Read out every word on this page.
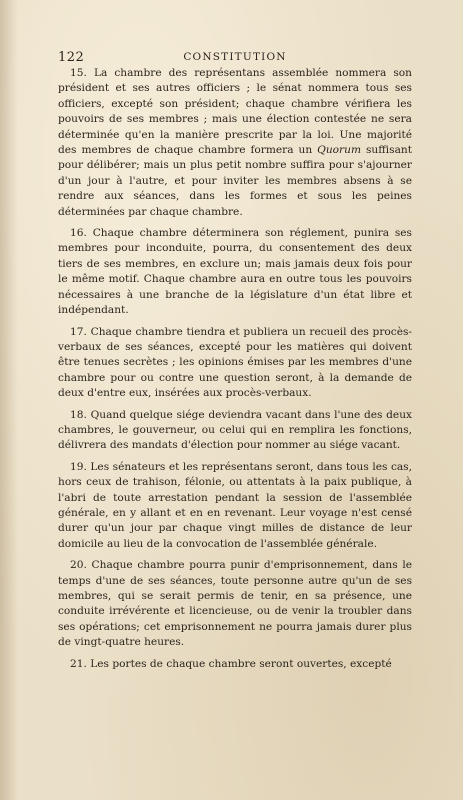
122	CONSTITUTION

15. La chambre des représentans assemblée nommera son président et ses autres officiers ; le sénat nommera tous ses officiers, excepté son président; chaque chambre vérifiera les pouvoirs de ses membres ; mais une élection contestée ne sera déterminée qu'en la manière prescrite par la loi. Une majorité des membres de chaque chambre formera un Quorum suffisant pour délibérer; mais un plus petit nombre suffira pour s'ajourner d'un jour à l'autre, et pour inviter les membres absens à se rendre aux séances, dans les formes et sous les peines déterminées par chaque chambre.

16. Chaque chambre déterminera son réglement, punira ses membres pour inconduite, pourra, du consentement des deux tiers de ses membres, en exclure un; mais jamais deux fois pour le même motif. Chaque chambre aura en outre tous les pouvoirs nécessaires à une branche de la législature d'un état libre et indépendant.

17. Chaque chambre tiendra et publiera un recueil des procès-verbaux de ses séances, excepté pour les matières qui doivent être tenues secrètes ; les opinions émises par les membres d'une chambre pour ou contre une question seront, à la demande de deux d'entre eux, insérées aux procès-verbaux.

18. Quand quelque siége deviendra vacant dans l'une des deux chambres, le gouverneur, ou celui qui en remplira les fonctions, délivrera des mandats d'élection pour nommer au siége vacant.

19. Les sénateurs et les représentans seront, dans tous les cas, hors ceux de trahison, félonie, ou attentats à la paix publique, à l'abri de toute arrestation pendant la session de l'assemblée générale, en y allant et en en revenant. Leur voyage n'est censé durer qu'un jour par chaque vingt milles de distance de leur domicile au lieu de la convocation de l'assemblée générale.

20. Chaque chambre pourra punir d'emprisonnement, dans le temps d'une de ses séances, toute personne autre qu'un de ses membres, qui se serait permis de tenir, en sa présence, une conduite irrévérente et licencieuse, ou de venir la troubler dans ses opérations; cet emprisonnement ne pourra jamais durer plus de vingt-quatre heures.

21. Les portes de chaque chambre seront ouvertes, excepté
